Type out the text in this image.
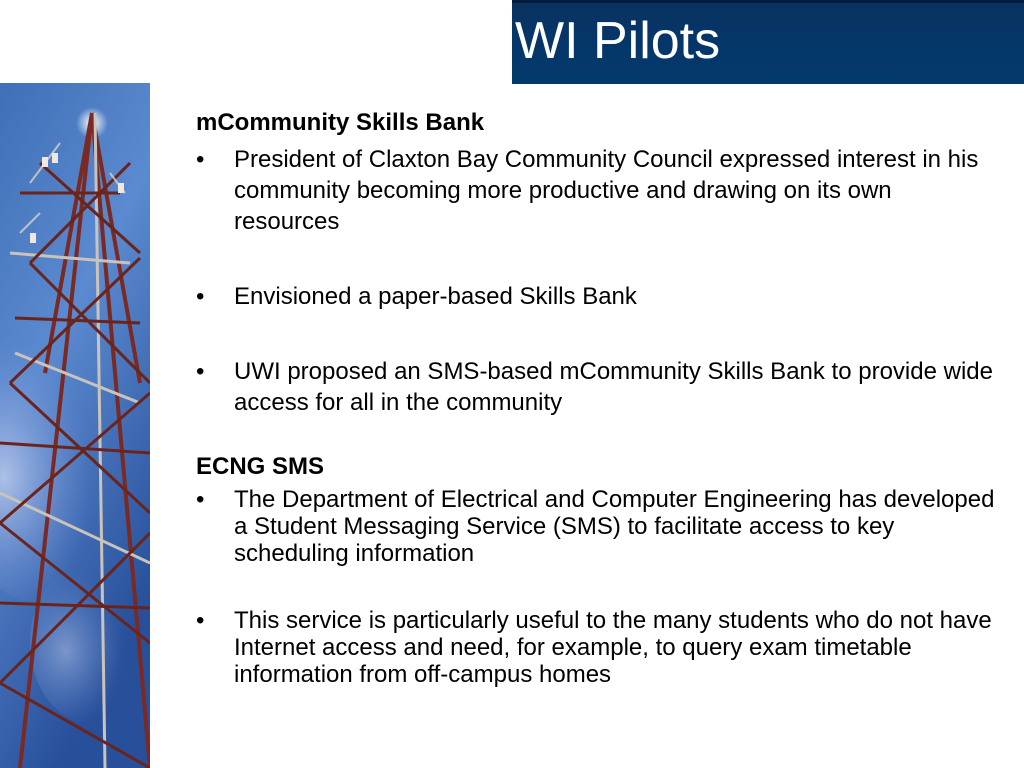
WI Pilots
mCommunity Skills Bank
• President of Claxton Bay Community Council expressed interest in his community becoming more productive and drawing on its own resources
• Envisioned a paper-based Skills Bank
• UWI proposed an SMS-based mCommunity Skills Bank to provide wide access for all in the community
ECNG SMS
• The Department of Electrical and Computer Engineering has developed a Student Messaging Service (SMS) to facilitate access to key scheduling information
• This service is particularly useful to the many students who do not have Internet access and need, for example, to query exam timetable information from off-campus homes
